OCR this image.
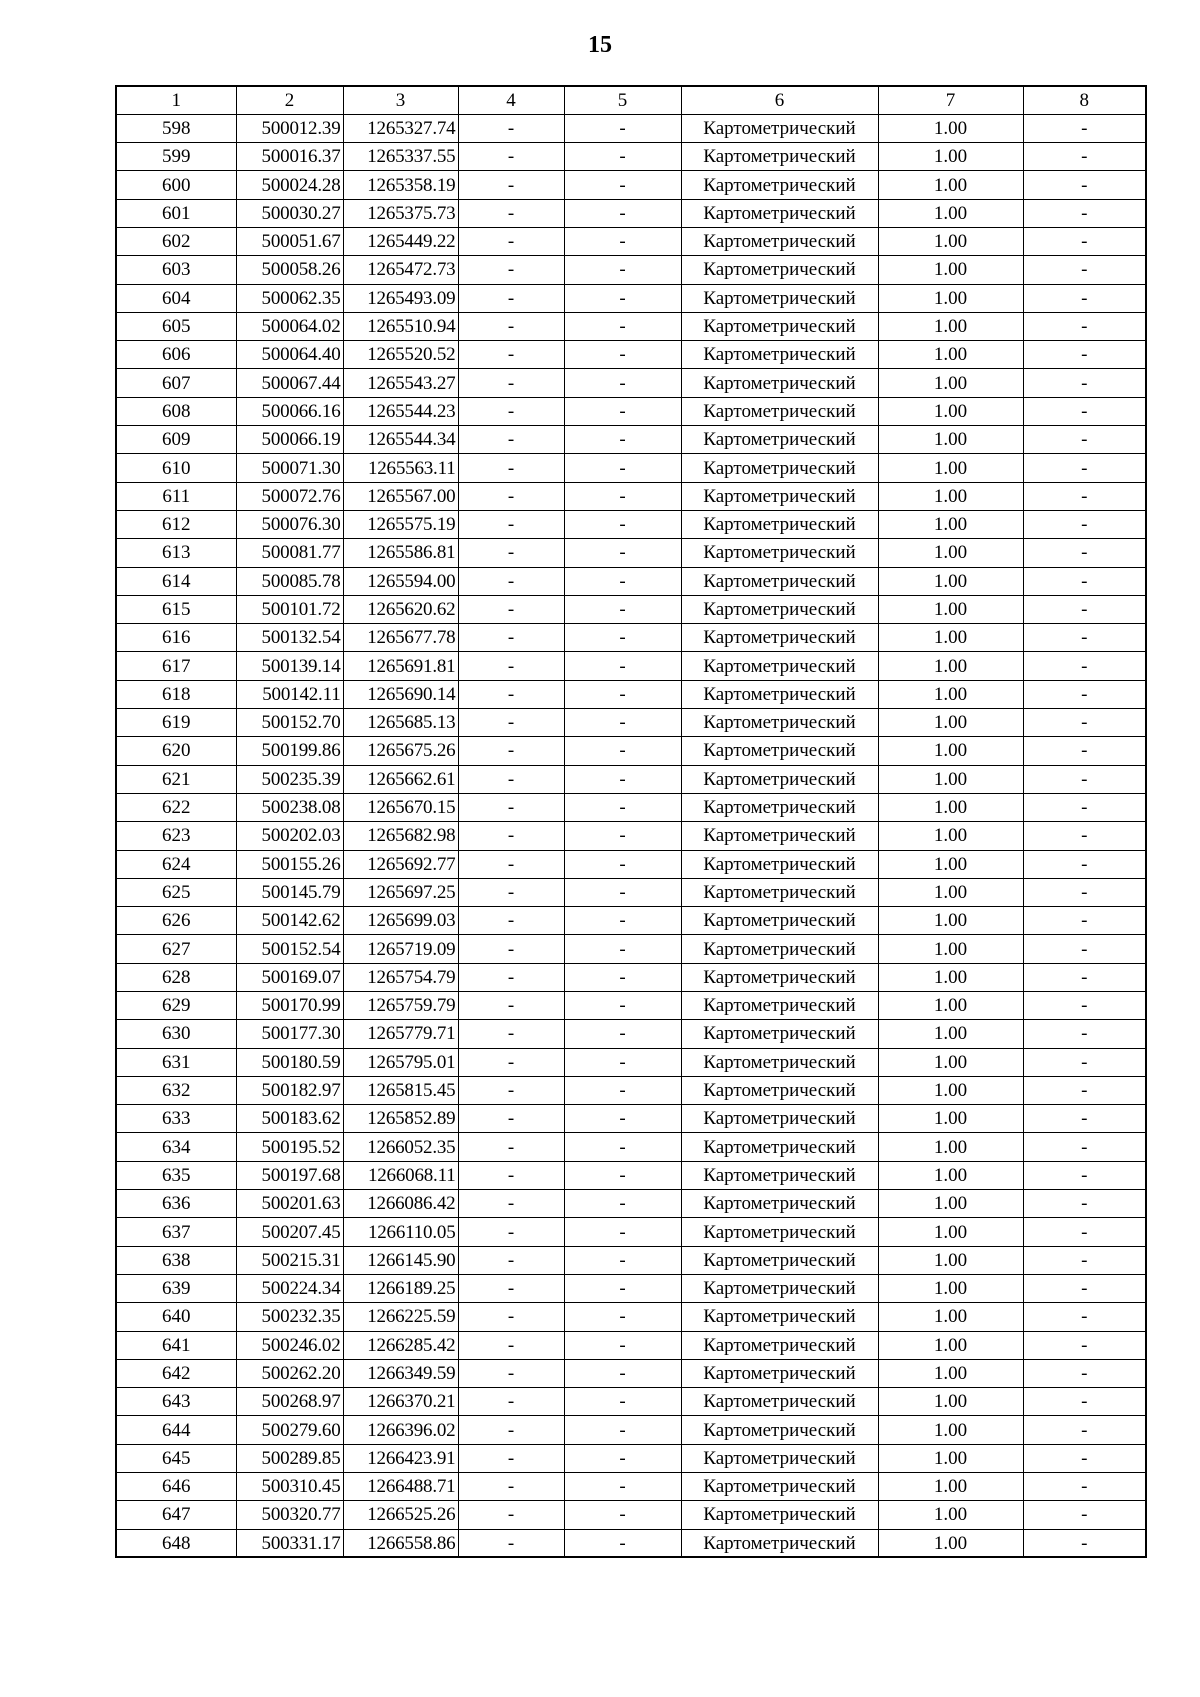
15
1	2	3	4	5	6	7	8
598	500012.39	1265327.74	-	-	Картометрический	1.00	-
599	500016.37	1265337.55	-	-	Картометрический	1.00	-
600	500024.28	1265358.19	-	-	Картометрический	1.00	-
601	500030.27	1265375.73	-	-	Картометрический	1.00	-
602	500051.67	1265449.22	-	-	Картометрический	1.00	-
603	500058.26	1265472.73	-	-	Картометрический	1.00	-
604	500062.35	1265493.09	-	-	Картометрический	1.00	-
605	500064.02	1265510.94	-	-	Картометрический	1.00	-
606	500064.40	1265520.52	-	-	Картометрический	1.00	-
607	500067.44	1265543.27	-	-	Картометрический	1.00	-
608	500066.16	1265544.23	-	-	Картометрический	1.00	-
609	500066.19	1265544.34	-	-	Картометрический	1.00	-
610	500071.30	1265563.11	-	-	Картометрический	1.00	-
611	500072.76	1265567.00	-	-	Картометрический	1.00	-
612	500076.30	1265575.19	-	-	Картометрический	1.00	-
613	500081.77	1265586.81	-	-	Картометрический	1.00	-
614	500085.78	1265594.00	-	-	Картометрический	1.00	-
615	500101.72	1265620.62	-	-	Картометрический	1.00	-
616	500132.54	1265677.78	-	-	Картометрический	1.00	-
617	500139.14	1265691.81	-	-	Картометрический	1.00	-
618	500142.11	1265690.14	-	-	Картометрический	1.00	-
619	500152.70	1265685.13	-	-	Картометрический	1.00	-
620	500199.86	1265675.26	-	-	Картометрический	1.00	-
621	500235.39	1265662.61	-	-	Картометрический	1.00	-
622	500238.08	1265670.15	-	-	Картометрический	1.00	-
623	500202.03	1265682.98	-	-	Картометрический	1.00	-
624	500155.26	1265692.77	-	-	Картометрический	1.00	-
625	500145.79	1265697.25	-	-	Картометрический	1.00	-
626	500142.62	1265699.03	-	-	Картометрический	1.00	-
627	500152.54	1265719.09	-	-	Картометрический	1.00	-
628	500169.07	1265754.79	-	-	Картометрический	1.00	-
629	500170.99	1265759.79	-	-	Картометрический	1.00	-
630	500177.30	1265779.71	-	-	Картометрический	1.00	-
631	500180.59	1265795.01	-	-	Картометрический	1.00	-
632	500182.97	1265815.45	-	-	Картометрический	1.00	-
633	500183.62	1265852.89	-	-	Картометрический	1.00	-
634	500195.52	1266052.35	-	-	Картометрический	1.00	-
635	500197.68	1266068.11	-	-	Картометрический	1.00	-
636	500201.63	1266086.42	-	-	Картометрический	1.00	-
637	500207.45	1266110.05	-	-	Картометрический	1.00	-
638	500215.31	1266145.90	-	-	Картометрический	1.00	-
639	500224.34	1266189.25	-	-	Картометрический	1.00	-
640	500232.35	1266225.59	-	-	Картометрический	1.00	-
641	500246.02	1266285.42	-	-	Картометрический	1.00	-
642	500262.20	1266349.59	-	-	Картометрический	1.00	-
643	500268.97	1266370.21	-	-	Картометрический	1.00	-
644	500279.60	1266396.02	-	-	Картометрический	1.00	-
645	500289.85	1266423.91	-	-	Картометрический	1.00	-
646	500310.45	1266488.71	-	-	Картометрический	1.00	-
647	500320.77	1266525.26	-	-	Картометрический	1.00	-
648	500331.17	1266558.86	-	-	Картометрический	1.00	-
